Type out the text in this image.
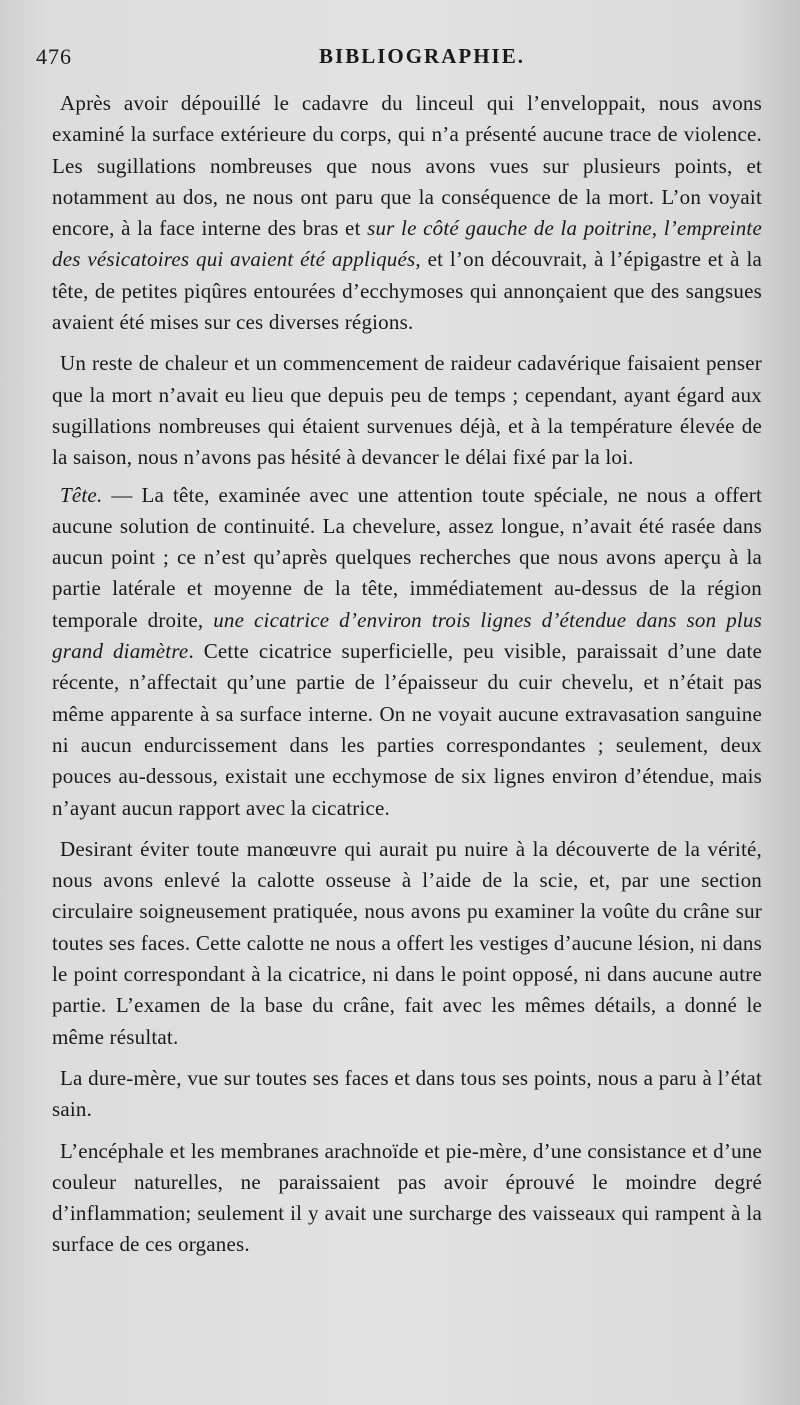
476	BIBLIOGRAPHIE.

Après avoir dépouillé le cadavre du linceul qui l’enveloppait, nous avons examiné la surface extérieure du corps, qui n’a présenté aucune trace de violence. Les sugillations nombreuses que nous avons vues sur plusieurs points, et notamment au dos, ne nous ont paru que la conséquence de la mort. L’on voyait encore, à la face interne des bras et sur le côté gauche de la poitrine, l’empreinte des vésicatoires qui avaient été appliqués, et l’on découvrait, à l’épigastre et à la tête, de petites piqûres entourées d’ecchymoses qui annonçaient que des sangsues avaient été mises sur ces diverses régions.

Un reste de chaleur et un commencement de raideur cadavérique faisaient penser que la mort n’avait eu lieu que depuis peu de temps ; cependant, ayant égard aux sugillations nombreuses qui étaient survenues déjà, et à la température élevée de la saison, nous n’avons pas hésité à devancer le délai fixé par la loi.

Tête. — La tête, examinée avec une attention toute spéciale, ne nous a offert aucune solution de continuité. La chevelure, assez longue, n’avait été rasée dans aucun point ; ce n’est qu’après quelques recherches que nous avons aperçu à la partie latérale et moyenne de la tête, immédiatement au-dessus de la région temporale droite, une cicatrice d’environ trois lignes d’étendue dans son plus grand diamètre. Cette cicatrice superficielle, peu visible, paraissait d’une date récente, n’affectait qu’une partie de l’épaisseur du cuir chevelu, et n’était pas même apparente à sa surface interne. On ne voyait aucune extravasation sanguine ni aucun endurcissement dans les parties correspondantes ; seulement, deux pouces au-dessous, existait une ecchymose de six lignes environ d’étendue, mais n’ayant aucun rapport avec la cicatrice.

Desirant éviter toute manœuvre qui aurait pu nuire à la découverte de la vérité, nous avons enlevé la calotte osseuse à l’aide de la scie, et, par une section circulaire soigneusement pratiquée, nous avons pu examiner la voûte du crâne sur toutes ses faces. Cette calotte ne nous a offert les vestiges d’aucune lésion, ni dans le point correspondant à la cicatrice, ni dans le point opposé, ni dans aucune autre partie. L’examen de la base du crâne, fait avec les mêmes détails, a donné le même résultat.

La dure-mère, vue sur toutes ses faces et dans tous ses points, nous a paru à l’état sain.

L’encéphale et les membranes arachnoïde et pie-mère, d’une consistance et d’une couleur naturelles, ne paraissaient pas avoir éprouvé le moindre degré d’inflammation; seulement il y avait une surcharge des vaisseaux qui rampent à la surface de ces organes.
